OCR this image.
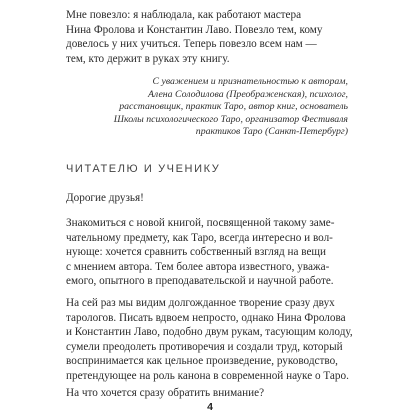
Мне повезло: я наблюдала, как работают мастера
Нина Фролова и Константин Лаво. Повезло тем, кому
довелось у них учиться. Теперь повезло всем нам —
тем, кто держит в руках эту книгу.

С уважением и признательностью к авторам,
Алена Солодилова (Преображенская), психолог,
расстановщик, практик Таро, автор книг, основатель
Школы психологического Таро, организатор Фестиваля
практиков Таро (Санкт-Петербург)
ЧИТАТЕЛЮ И УЧЕНИКУ

Дорогие друзья!

Знакомиться с новой книгой, посвященной такому заме-
чательному предмету, как Таро, всегда интересно и вол-
нующе: хочется сравнить собственный взгляд на вещи
с мнением автора. Тем более автора известного, уважа-
емого, опытного в преподавательской и научной работе.

На сей раз мы видим долгожданное творение сразу двух
тарологов. Писать вдвоем непросто, однако Нина Фролова
и Константин Лаво, подобно двум рукам, тасующим колоду,
сумели преодолеть противоречия и создали труд, который
воспринимается как цельное произведение, руководство,
претендующее на роль канона в современной науке о Таро.

На что хочется сразу обратить внимание?

4
